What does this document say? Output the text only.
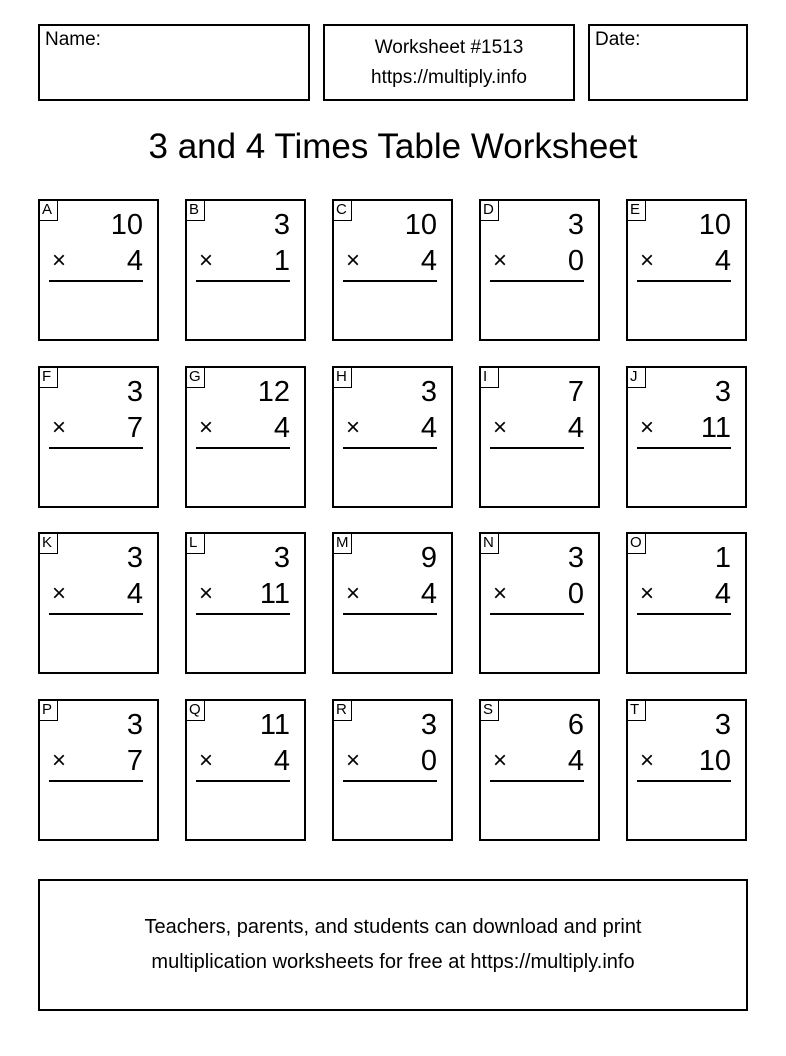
Name:	Worksheet #1513
https://multiply.info
Date:
3 and 4 Times Table Worksheet
A 10
× 4
B	3
× 1
C 10
× 4
D	3
× 0
E 10
× 4
F	3
× 7
G 12
× 4
H	3
× 4
I	7
× 4
J	3
× 11
K	3
× 4
L	3
× 11
M 9
× 4
N	3
× 0
O	1
× 4
P	3
× 7
Q 11
× 4
R	3
× 0
S	6
× 4
T	3
× 10
Teachers, parents, and students can download and print
multiplication worksheets for free at https://multiply.info
